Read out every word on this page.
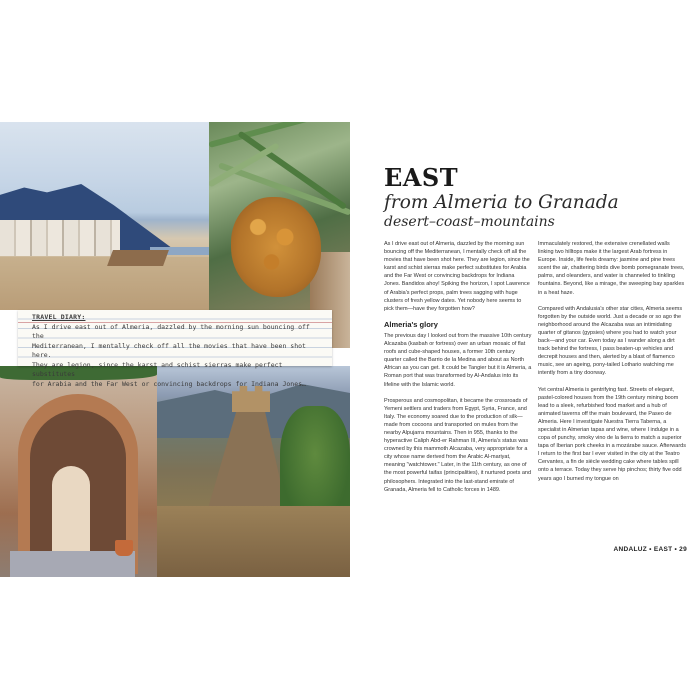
TRAVEL DIARY:
As I drive east out of Almeria, dazzled by the morning sun bouncing off the
Mediterranean, I mentally check off all the movies that have been shot here.
They are legion, since the karst and schist sierras make perfect substitutes
for Arabia and the Far West or convincing backdrops for Indiana Jones…
EAST
from Almeria to Granada
desert–coast–mountains

As I drive east out of Almeria, dazzled by the morning sun bouncing off the Mediterranean, I mentally check off all the movies that have been shot here. They are legion, since the karst and schist sierras make perfect substitutes for Arabia and the Far West or convincing backdrops for Indiana Jones. Bandidos ahoy! Spiking the horizon, I spot Lawrence of Arabia's perfect props, palm trees sagging with huge clusters of fresh yellow dates. Yet nobody here seems to pick them—have they forgotten how?

Almeria's glory

The previous day I looked out from the massive 10th century Alcazaba (kasbah or fortress) over an urban mosaic of flat roofs and cube-shaped houses, a former 10th century quarter called the Barrio de la Medina and about as North African as you can get. It could be Tangier but it is Almeria, a Roman port that was transformed by Al-Andalus into its lifeline with the Islamic world.

Prosperous and cosmopolitan, it became the crossroads of Yemeni settlers and traders from Egypt, Syria, France, and Italy. The economy soared due to the production of silk—made from cocoons and transported on mules from the nearby Alpujarra mountains. Then in 955, thanks to the hyperactive Caliph Abd-er Rahman III, Almeria's status was crowned by this mammoth Alcazaba, very appropriate for a city whose name derived from the Arabic Al-mariyat, meaning "watchtower." Later, in the 11th century, as one of the most powerful taifas (principalities), it nurtured poets and philosophers. Integrated into the last-stand emirate of Granada, Almeria fell to Catholic forces in 1489.

Immaculately restored, the extensive crenellated walls linking two hilltops make it the largest Arab fortress in Europe. Inside, life feels dreamy: jasmine and pine trees scent the air, chattering birds dive bomb pomegranate trees, palms, and oleanders, and water is channeled to tinkling fountains. Beyond, like a mirage, the sweeping bay sparkles in a heat haze.

Compared with Andalusia's other star cities, Almeria seems forgotten by the outside world. Just a decade or so ago the neighborhood around the Alcazaba was an intimidating quarter of gitanos (gypsies) where you had to watch your back—and your car. Even today as I wander along a dirt track behind the fortress, I pass beaten-up vehicles and decrepit houses and then, alerted by a blast of flamenco music, see an ageing, pony-tailed Lothario watching me intently from a tiny doorway.

Yet central Almeria is gentrifying fast. Streets of elegant, pastel-colored houses from the 19th century mining boom lead to a sleek, refurbished food market and a hub of animated taverns off the main boulevard, the Paseo de Almeria. Here I investigate Nuestra Tierra Taberna, a specialist in Almerian tapas and wine, where I indulge in a copa of punchy, smoky vino de la tierra to match a superior tapa of Iberian pork cheeks in a mozárabe sauce. Afterwards I return to the first bar I ever visited in the city at the Teatro Cervantes, a fin de siècle wedding cake where tables spill onto a terrace. Today they serve hip pinchos; thirty five odd years ago I burned my tongue on

ANDALUZ • EAST • 29
